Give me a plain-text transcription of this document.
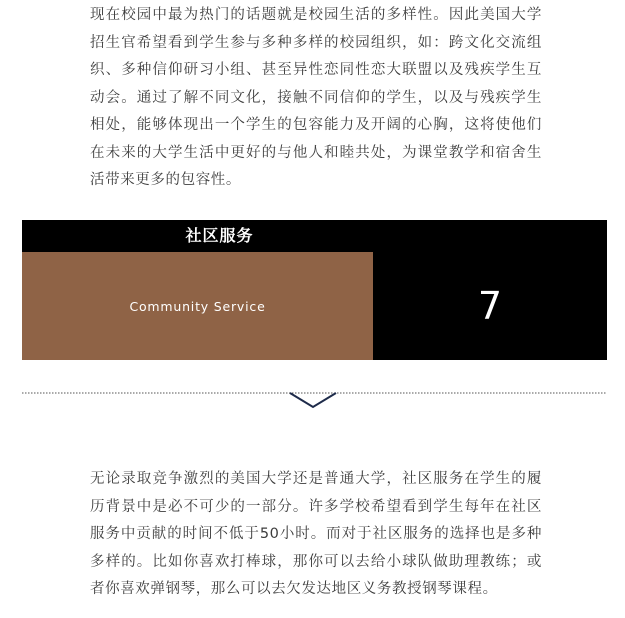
现在校园中最为热门的话题就是校园生活的多样性。因此美国大学招生官希望看到学生参与多种多样的校园组织，如：跨文化交流组织、多种信仰研习小组、甚至异性恋同性恋大联盟以及残疾学生互动会。通过了解不同文化，接触不同信仰的学生，以及与残疾学生相处，能够体现出一个学生的包容能力及开阔的心胸，这将使他们在未来的大学生活中更好的与他人和睦共处，为课堂教学和宿舍生活带来更多的包容性。

社区服务
Community Service	7

无论录取竞争激烈的美国大学还是普通大学，社区服务在学生的履历背景中是必不可少的一部分。许多学校希望看到学生每年在社区服务中贡献的时间不低于50小时。而对于社区服务的选择也是多种多样的。比如你喜欢打棒球，那你可以去给小球队做助理教练；或者你喜欢弹钢琴，那么可以去欠发达地区义务教授钢琴课程。
